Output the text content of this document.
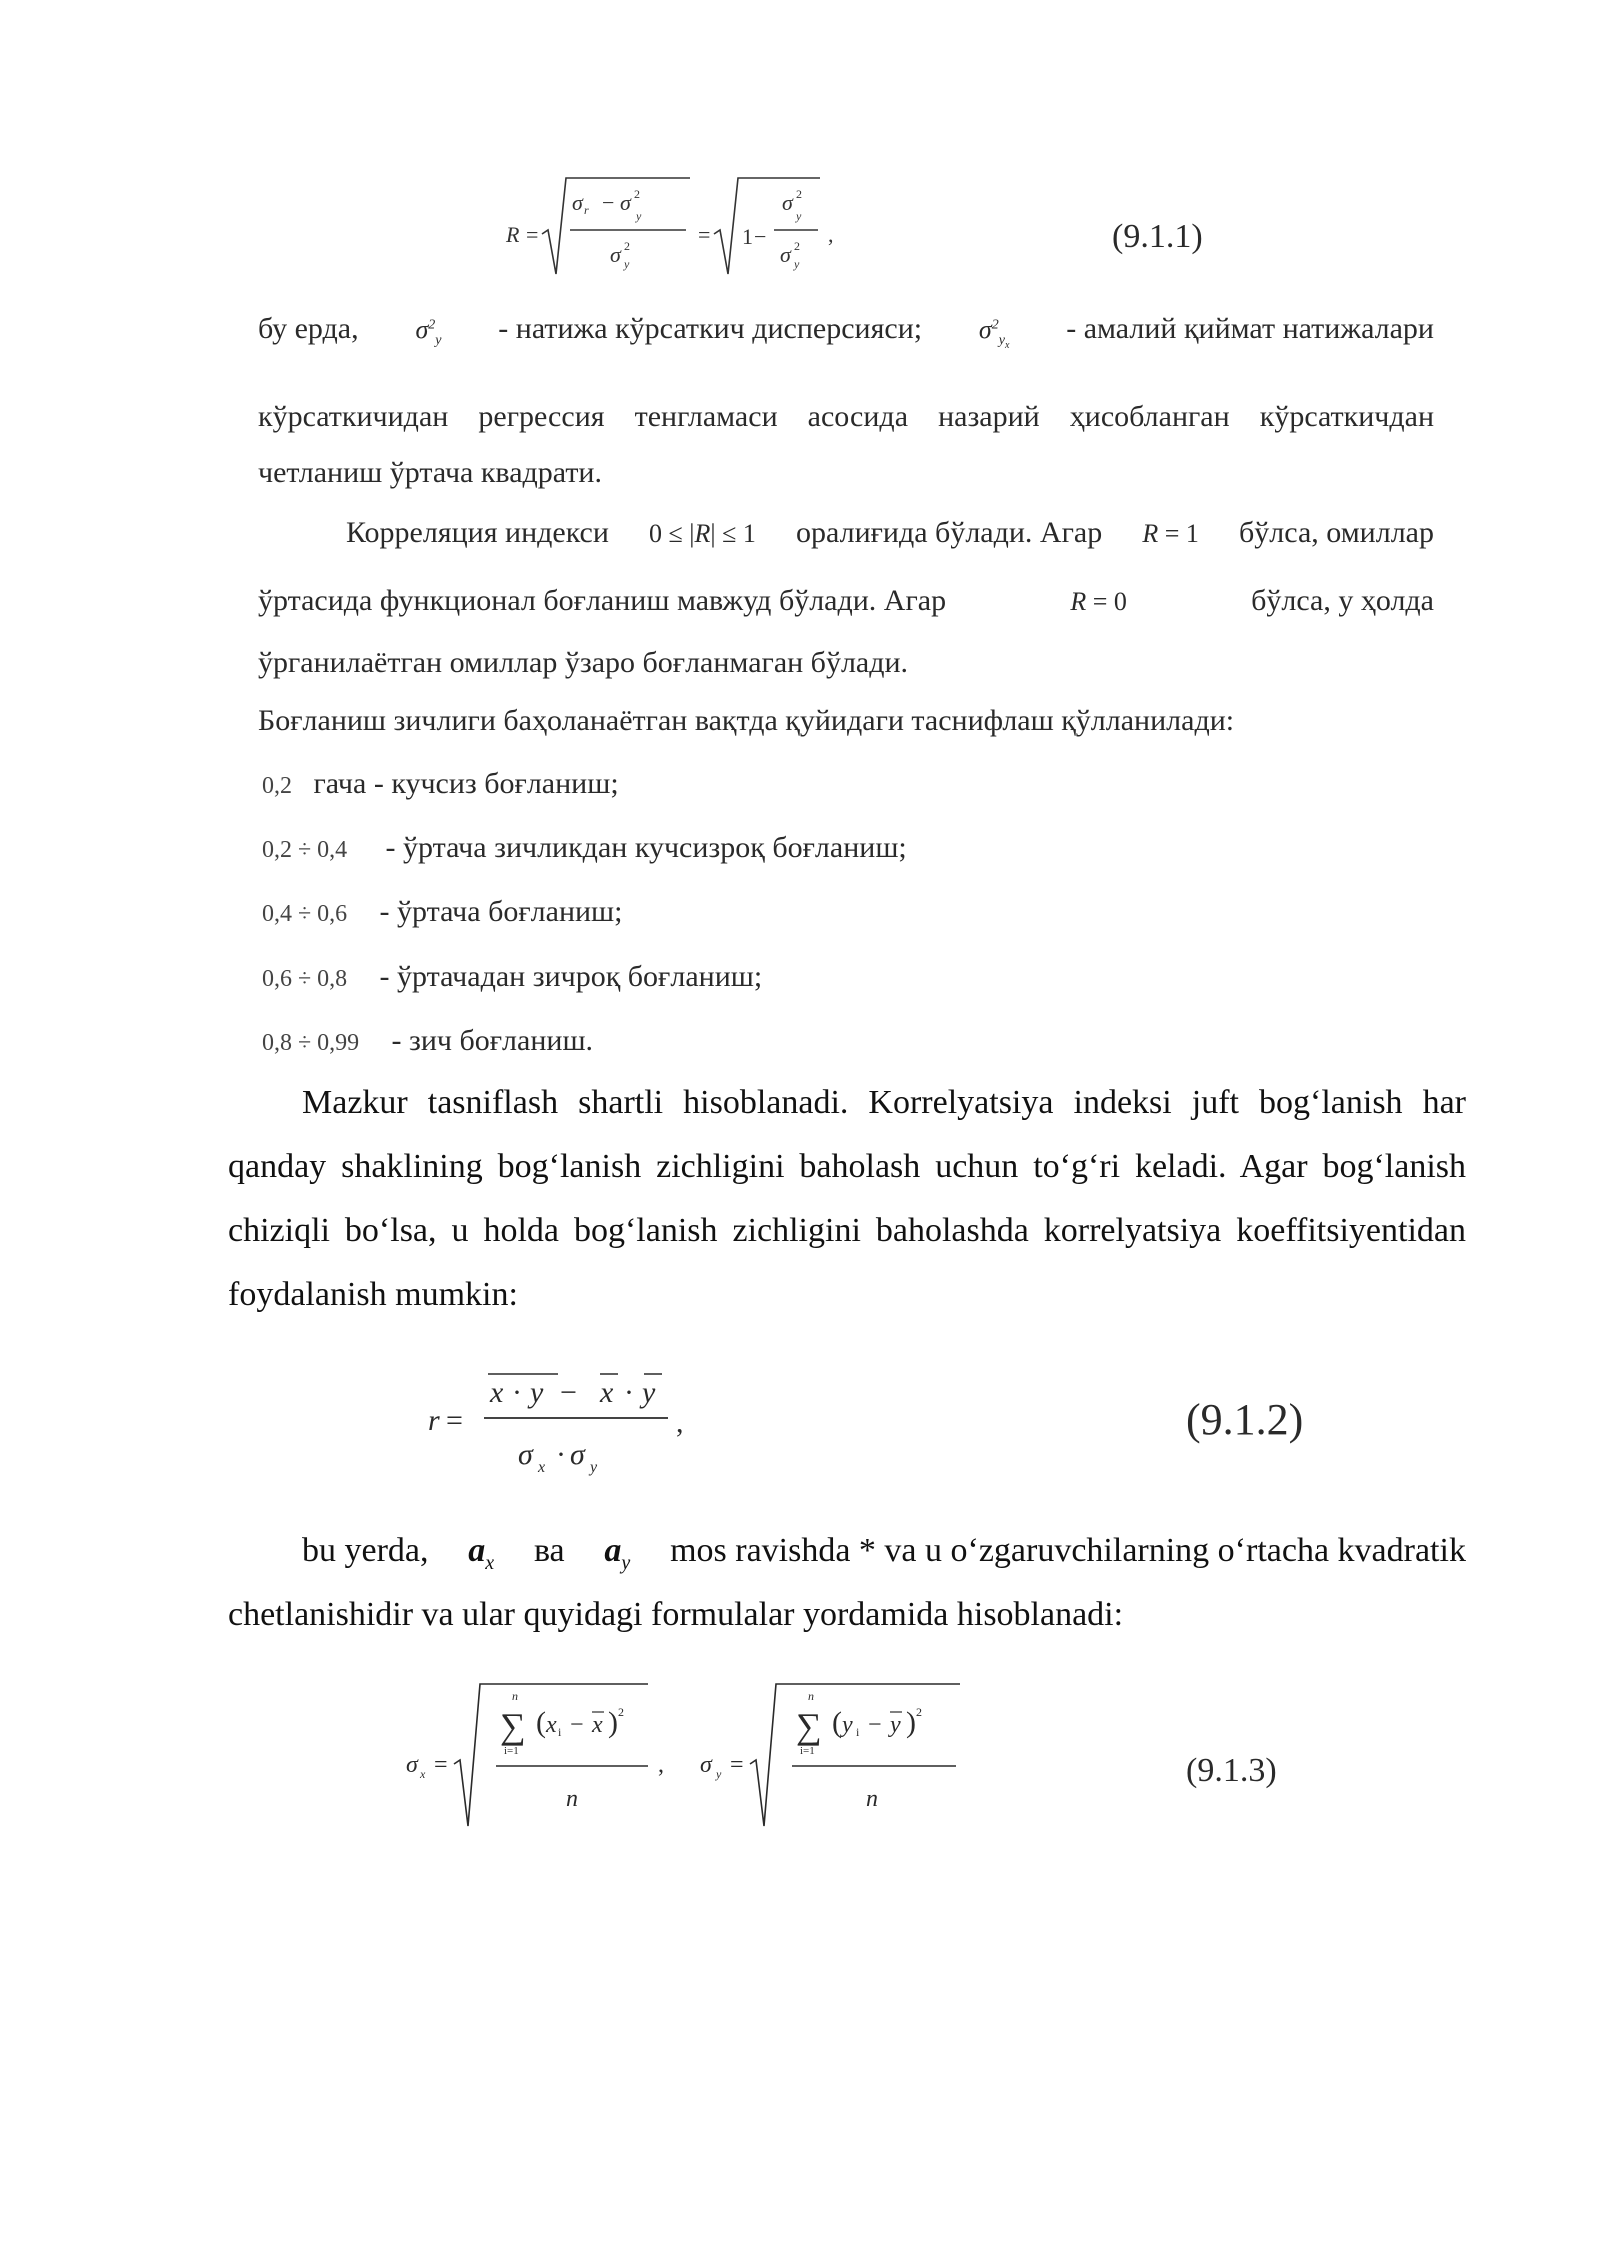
R =
σ r − σ 2
y
σ 2
y
= 1 −
σ 2
y
σ 2
y
,	(9.1.1)
бу ерда, $\sigma^2_y$ - натижа кўрсаткич дисперсияси; $\sigma^2_{y_x}$
- амалий қиймат натижалари
кўрсаткичидан регрессия тенгламаси асосида назарий ҳисобланган кўрсаткичдан
четланиш ўртача квадрати.
Корреляция индекси 0 ≤ |R| ≤ 1 оралиғида бўлади. Агар R = 1 бўлса, омиллар
ўртасида функционал боғланиш мавжуд бўлади. Агар	R = 0	бўлса, у ҳолда
ўрганилаётган омиллар ўзаро боғланмаган бўлади.
Боғланиш зичлиги баҳоланаётган вақтда қуйидаги таснифлаш қўлланилади:
0,2 гача - кучсиз боғланиш;
0,2 ÷ 0,4 - ўртача зичликдан кучсизроқ боғланиш;
0,4 ÷ 0,6 - ўртача боғланиш;
0,6 ÷ 0,8 - ўртачадан зичроқ боғланиш;
0,8 ÷ 0,99 - зич боғланиш.
Mazkur tasniflash shartli hisoblanadi. Korrelyatsiya indeksi juft bog‘lanish har
qanday shaklining bog‘lanish zichligini baholash uchun to‘g‘ri keladi. Agar bog‘lanish
chiziqli bo‘lsa, u holda bog‘lanish zichligini baholashda korrelyatsiya koeffitsiyentidan
foydalanish mumkin:
r =
x · y − x · y
σ x · σ y
,	(9.1.2)
bu yerda, $a_x$ ва $a_y$ mos ravishda * va u o‘zgaruvchilarning o‘rtacha kvadratik
chetlanishidir va ular quyidagi formulalar yordamida hisoblanadi:
σ x =
n
∑
i=1
( x i − x ) 2
n
, σ y =
n
∑
i=1
( y i − y ) 2
n
(9.1.3)
